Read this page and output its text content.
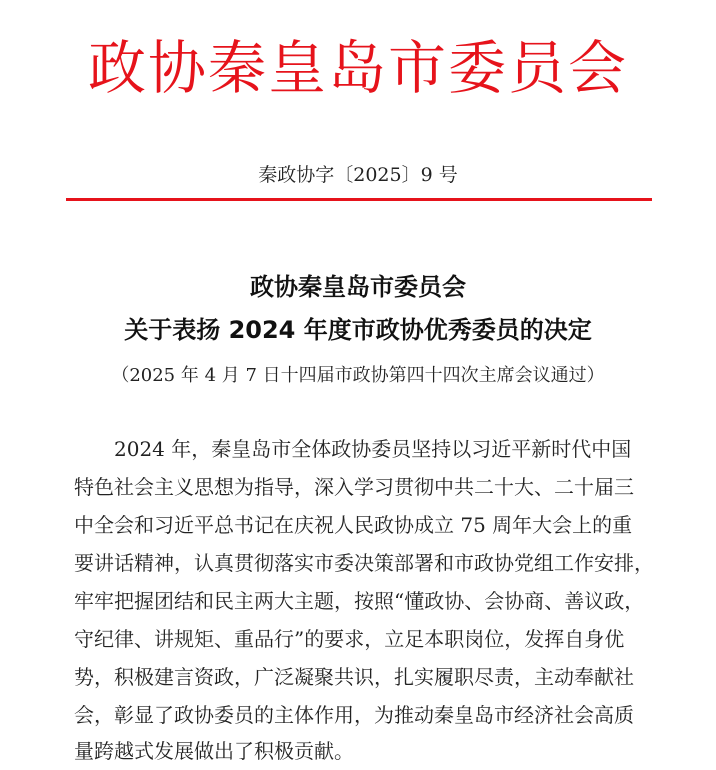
政协秦皇岛市委员会
秦政协字〔2025〕9 号
政协秦皇岛市委员会
关于表扬 2024 年度市政协优秀委员的决定
（2025 年 4 月 7 日十四届市政协第四十四次主席会议通过）
　　2024 年，秦皇岛市全体政协委员坚持以习近平新时代中国
特色社会主义思想为指导，深入学习贯彻中共二十大、二十届三
中全会和习近平总书记在庆祝人民政协成立 75 周年大会上的重
要讲话精神，认真贯彻落实市委决策部署和市政协党组工作安排，
牢牢把握团结和民主两大主题，按照“懂政协、会协商、善议政，
守纪律、讲规矩、重品行”的要求，立足本职岗位，发挥自身优
势，积极建言资政，广泛凝聚共识，扎实履职尽责，主动奉献社
会，彰显了政协委员的主体作用，为推动秦皇岛市经济社会高质
量跨越式发展做出了积极贡献。
